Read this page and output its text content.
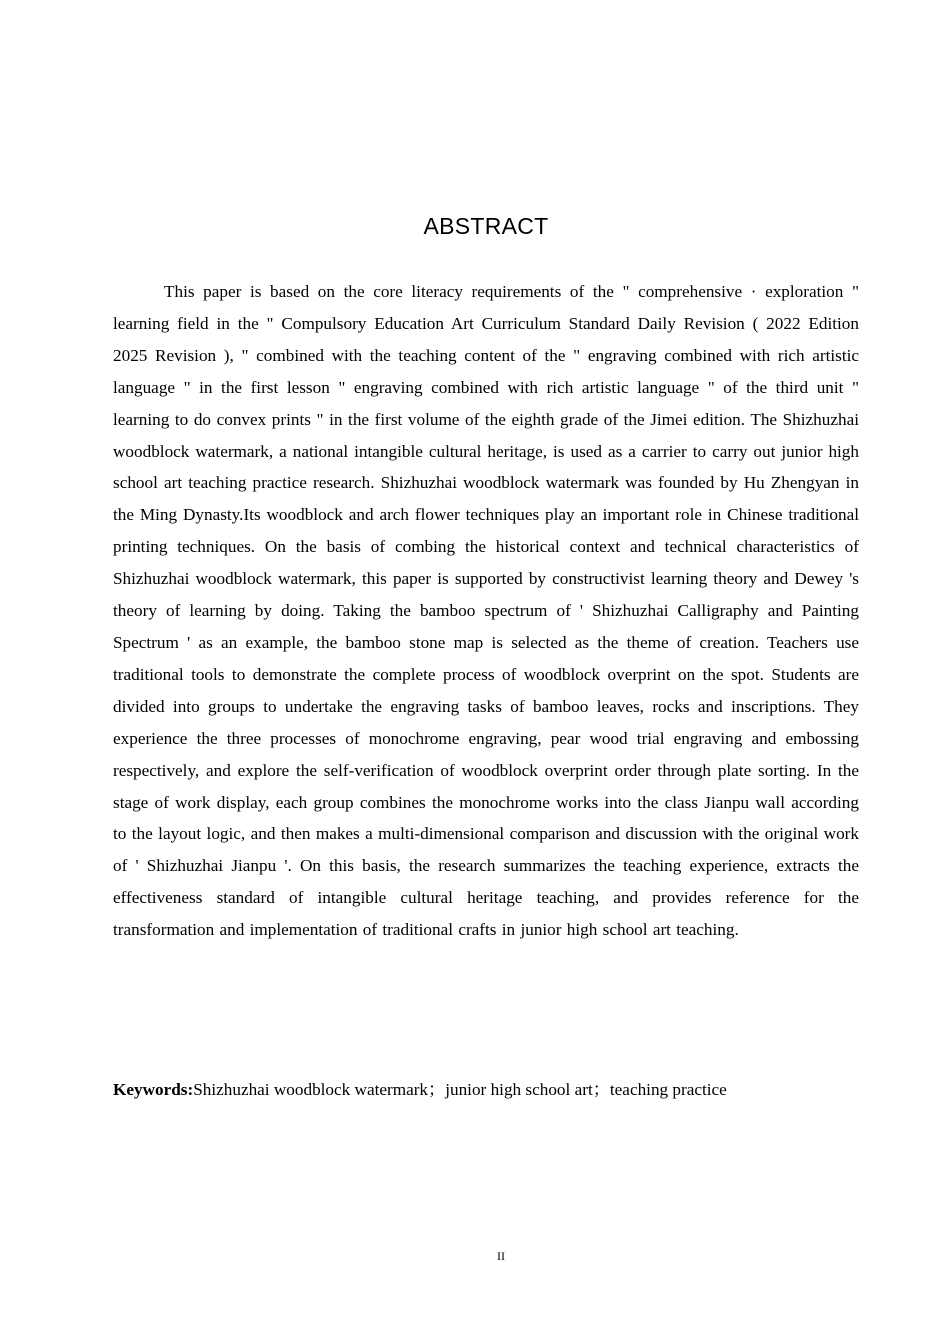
ABSTRACT

This paper is based on the core literacy requirements of the " comprehensive · exploration " learning field in the " Compulsory Education Art Curriculum Standard Daily Revision ( 2022 Edition 2025 Revision ), " combined with the teaching content of the " engraving combined with rich artistic language " in the first lesson " engraving combined with rich artistic language " of the third unit " learning to do convex prints " in the first volume of the eighth grade of the Jimei edition. The Shizhuzhai woodblock watermark, a national intangible cultural heritage, is used as a carrier to carry out junior high school art teaching practice research. Shizhuzhai woodblock watermark was founded by Hu Zhengyan in the Ming Dynasty.Its woodblock and arch flower techniques play an important role in Chinese traditional printing techniques. On the basis of combing the historical context and technical characteristics of Shizhuzhai woodblock watermark, this paper is supported by constructivist learning theory and Dewey 's theory of learning by doing. Taking the bamboo spectrum of ' Shizhuzhai Calligraphy and Painting Spectrum ' as an example, the bamboo stone map is selected as the theme of creation. Teachers use traditional tools to demonstrate the complete process of woodblock overprint on the spot. Students are divided into groups to undertake the engraving tasks of bamboo leaves, rocks and inscriptions. They experience the three processes of monochrome engraving, pear wood trial engraving and embossing respectively, and explore the self-verification of woodblock overprint order through plate sorting. In the stage of work display, each group combines the monochrome works into the class Jianpu wall according to the layout logic, and then makes a multi-dimensional comparison and discussion with the original work of ' Shizhuzhai Jianpu '. On this basis, the research summarizes the teaching experience, extracts the effectiveness standard of intangible cultural heritage teaching, and provides reference for the transformation and implementation of traditional crafts in junior high school art teaching.

Keywords:Shizhuzhai woodblock watermark；junior high school art；teaching practice

II
